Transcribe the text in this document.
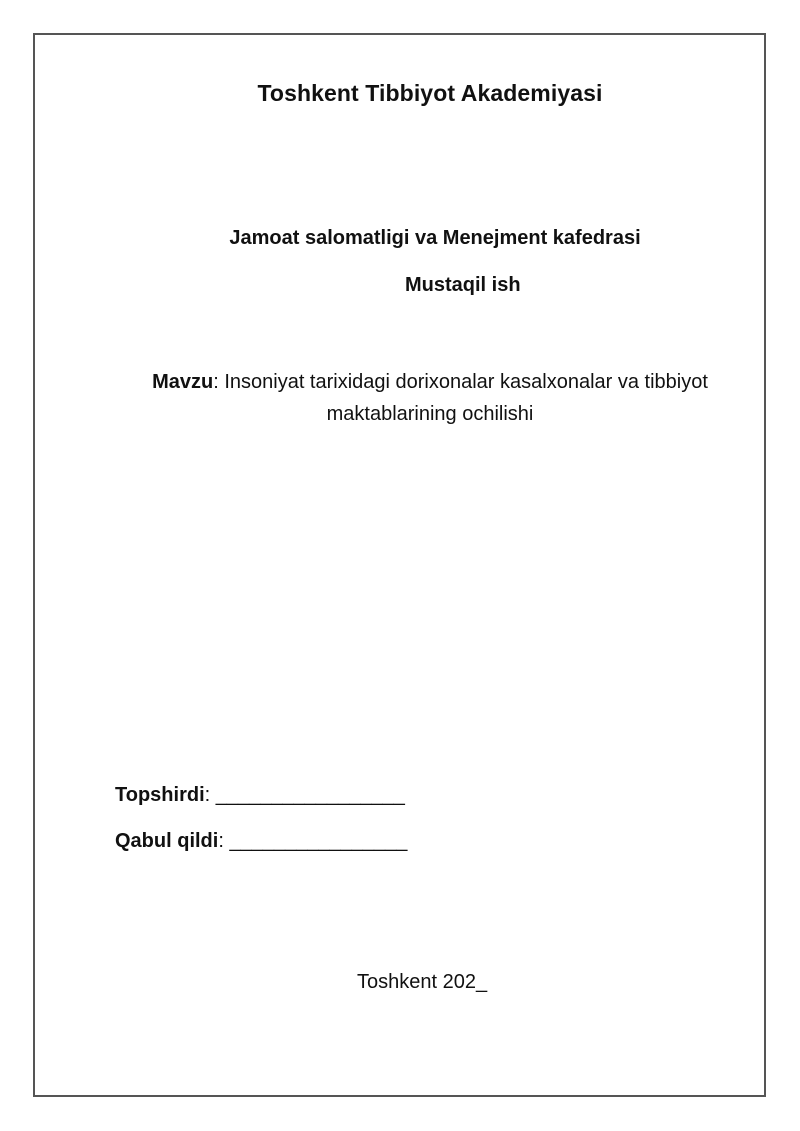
Toshkent Tibbiyot Akademiyasi
Jamoat salomatligi va Menejment kafedrasi
Mustaqil ish
Mavzu: Insoniyat tarixidagi dorixonalar kasalxonalar va tibbiyot maktablarining ochilishi
Topshirdi: _________________
Qabul qildi: ________________
Toshkent 202_
